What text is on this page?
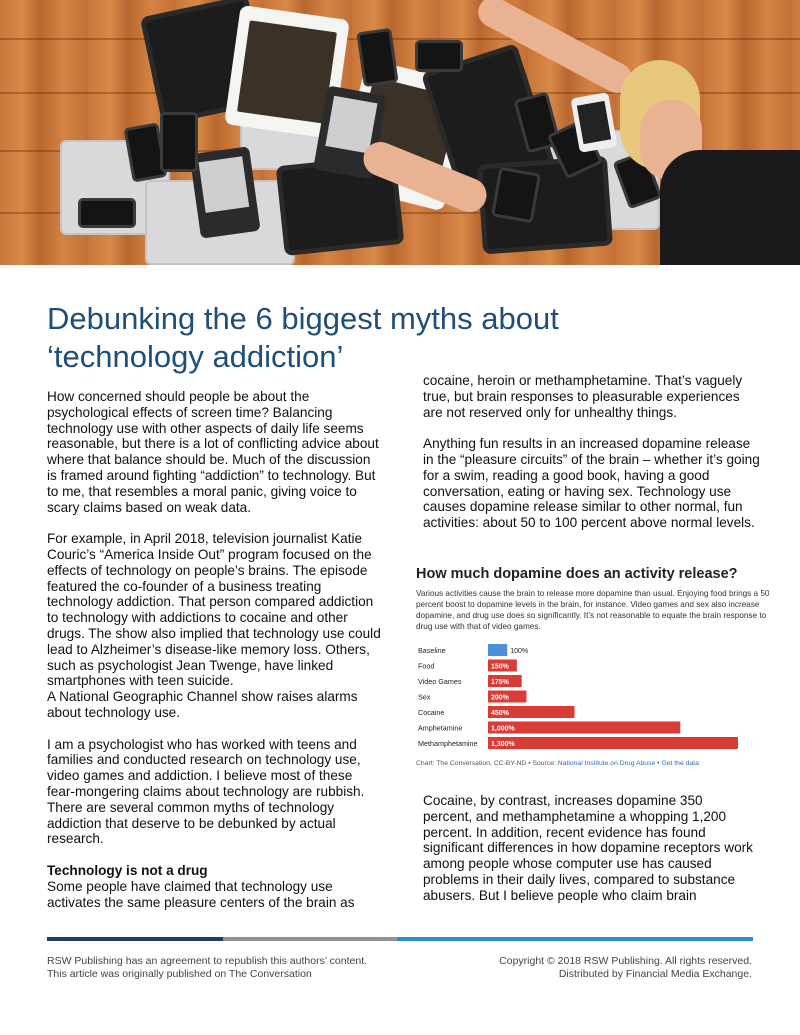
Debunking the 6 biggest myths about ‘technology addiction’

How concerned should people be about the psychological effects of screen time? Balancing technology use with other aspects of daily life seems reasonable, but there is a lot of conflicting advice about where that balance should be. Much of the discussion is framed around fighting “addiction” to technology. But to me, that resembles a moral panic, giving voice to scary claims based on weak data.

For example, in April 2018, television journalist Katie Couric’s “America Inside Out” program focused on the effects of technology on people’s brains. The episode featured the co-founder of a business treating technology addiction. That person compared addiction to technology with addictions to cocaine and other drugs. The show also implied that technology use could lead to Alzheimer’s disease-like memory loss. Others, such as psychologist Jean Twenge, have linked smartphones with teen suicide.

A National Geographic Channel show raises alarms about technology use.

I am a psychologist who has worked with teens and families and conducted research on technology use, video games and addiction. I believe most of these fear-mongering claims about technology are rubbish. There are several common myths of technology addiction that deserve to be debunked by actual research.

Technology is not a drug

Some people have claimed that technology use activates the same pleasure centers of the brain as

cocaine, heroin or methamphetamine. That’s vaguely true, but brain responses to pleasurable experiences are not reserved only for unhealthy things.

Anything fun results in an increased dopamine release in the “pleasure circuits” of the brain – whether it’s going for a swim, reading a good book, having a good conversation, eating or having sex. Technology use causes dopamine release similar to other normal, fun activities: about 50 to 100 percent above normal levels.

How much dopamine does an activity release?
Various activities cause the brain to release more dopamine than usual. Enjoying food brings a 50 percent boost to dopamine levels in the brain, for instance. Video games and sex also increase dopamine, and drug use does so significantly. It’s not reasonable to equate the brain response to drug use with that of video games.
Baseline	100%
Food	150%
Video Games	175%
Sex	200%
Cocaine	450%
Amphetamine	1,000%
Methamphetamine 1,300%
Chart: The Conversation, CC-BY-ND • Source: National Institute on Drug Abuse • Get the data

Cocaine, by contrast, increases dopamine 350 percent, and methamphetamine a whopping 1,200 percent. In addition, recent evidence has found significant differences in how dopamine receptors work among people whose computer use has caused problems in their daily lives, compared to substance abusers. But I believe people who claim brain

RSW Publishing has an agreement to republish this authors’ content.
This article was originally published on The Conversation
Copyright © 2018 RSW Publishing. All rights reserved.
Distributed by Financial Media Exchange.
